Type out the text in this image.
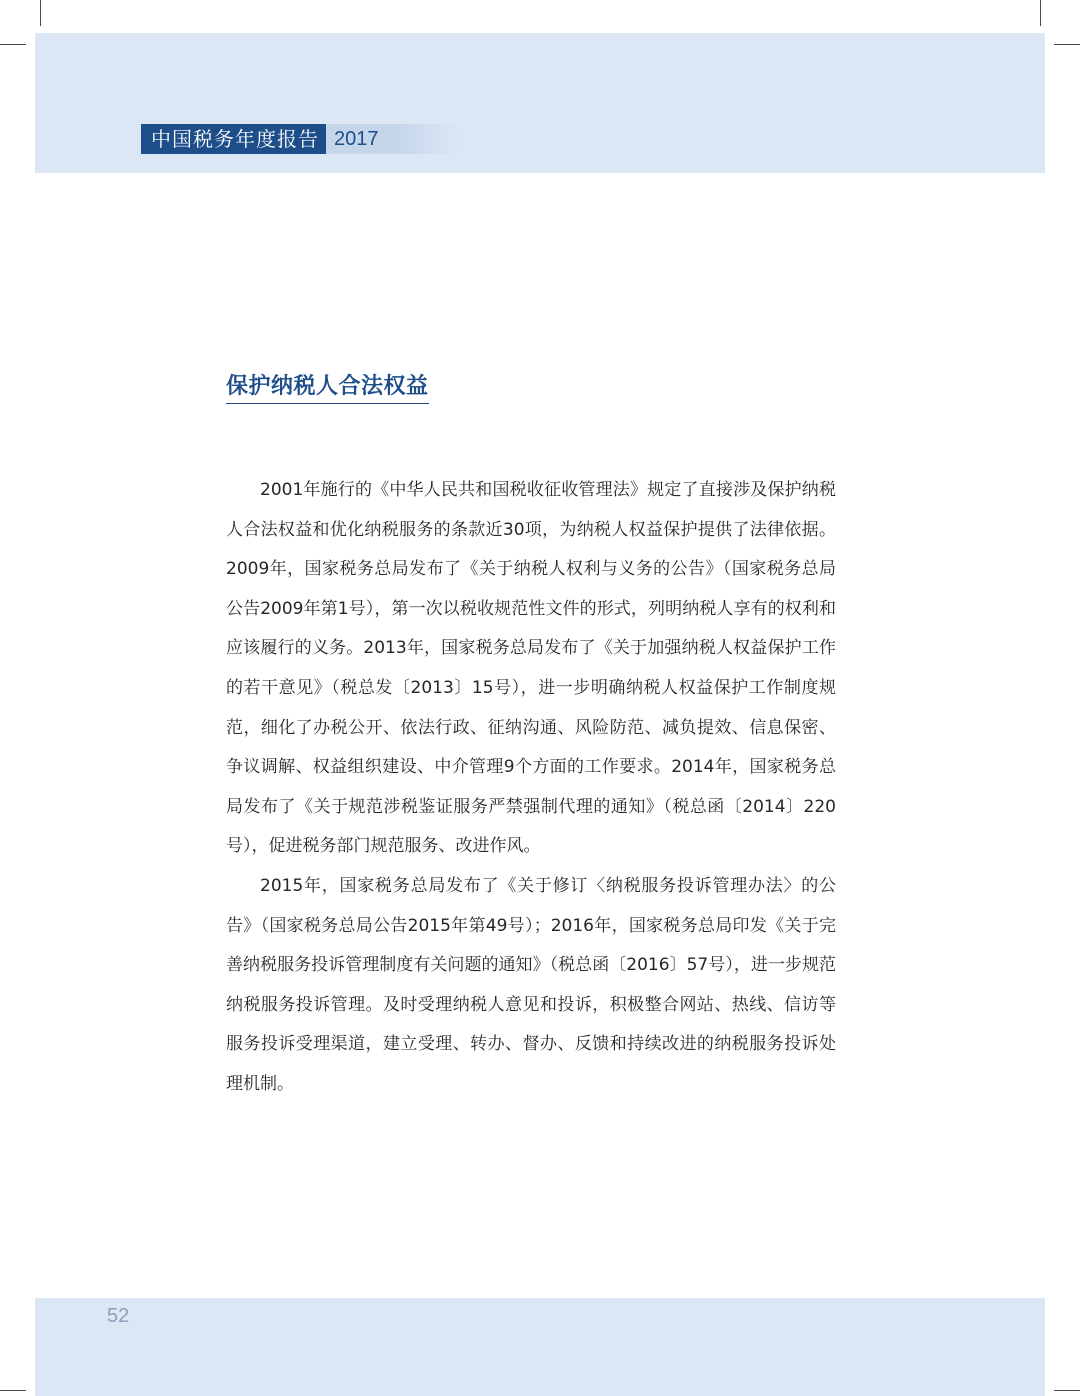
中国税务年度报告 2017
保护纳税人合法权益

2001年施行的《中华人民共和国税收征收管理法》规定了直接涉及保护纳税人合法权益和优化纳税服务的条款近30项，为纳税人权益保护提供了法律依据。2009年，国家税务总局发布了《关于纳税人权利与义务的公告》（国家税务总局公告2009年第1号），第一次以税收规范性文件的形式，列明纳税人享有的权利和应该履行的义务。2013年，国家税务总局发布了《关于加强纳税人权益保护工作的若干意见》（税总发〔2013〕15号），进一步明确纳税人权益保护工作制度规范，细化了办税公开、依法行政、征纳沟通、风险防范、减负提效、信息保密、争议调解、权益组织建设、中介管理9个方面的工作要求。2014年，国家税务总局发布了《关于规范涉税鉴证服务严禁强制代理的通知》（税总函〔2014〕220号），促进税务部门规范服务、改进作风。

2015年，国家税务总局发布了《关于修订〈纳税服务投诉管理办法〉的公告》（国家税务总局公告2015年第49号）；2016年，国家税务总局印发《关于完善纳税服务投诉管理制度有关问题的通知》（税总函〔2016〕57号），进一步规范纳税服务投诉管理。及时受理纳税人意见和投诉，积极整合网站、热线、信访等服务投诉受理渠道，建立受理、转办、督办、反馈和持续改进的纳税服务投诉处理机制。

52
